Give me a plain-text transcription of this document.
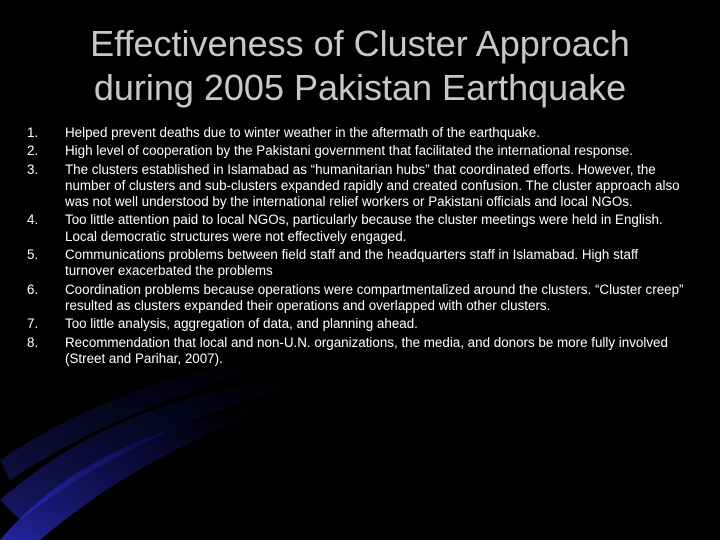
Effectiveness of Cluster Approach
during 2005 Pakistan Earthquake
1. Helped prevent deaths due to winter weather in the aftermath of the earthquake.
2. High level of cooperation by the Pakistani government that facilitated the international response.
3. The clusters established in Islamabad as “humanitarian hubs” that coordinated efforts. However, the number of clusters and sub-clusters expanded rapidly and created confusion. The cluster approach also was not well understood by the international relief workers or Pakistani officials and local NGOs.
4. Too little attention paid to local NGOs, particularly because the cluster meetings were held in English. Local democratic structures were not effectively engaged.
5. Communications problems between field staff and the headquarters staff in Islamabad. High staff turnover exacerbated the problems
6. Coordination problems because operations were compartmentalized around the clusters. “Cluster creep” resulted as clusters expanded their operations and overlapped with other clusters.
7. Too little analysis, aggregation of data, and planning ahead.
8. Recommendation that local and non-U.N. organizations, the media, and donors be more fully involved (Street and Parihar, 2007).
